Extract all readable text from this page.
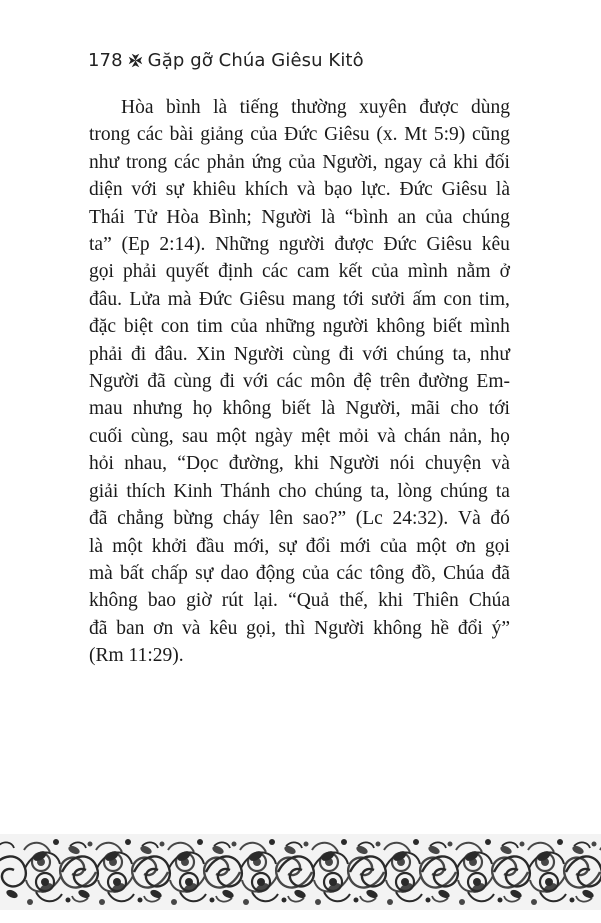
178 Gặp gỡ Chúa Giêsu Kitô
Hòa bình là tiếng thường xuyên được dùng
trong các bài giảng của Đức Giêsu (x. Mt 5:9) cũng
như trong các phản ứng của Người, ngay cả khi đối
diện với sự khiêu khích và bạo lực. Đức Giêsu là
Thái Tử Hòa Bình; Người là “bình an của chúng
ta” (Ep 2:14). Những người được Đức Giêsu kêu
gọi phải quyết định các cam kết của mình nằm ở
đâu. Lửa mà Đức Giêsu mang tới sưởi ấm con tim,
đặc biệt con tim của những người không biết mình
phải đi đâu. Xin Người cùng đi với chúng ta, như
Người đã cùng đi với các môn đệ trên đường Em-
mau nhưng họ không biết là Người, mãi cho tới
cuối cùng, sau một ngày mệt mỏi và chán nản, họ
hỏi nhau, “Dọc đường, khi Người nói chuyện và
giải thích Kinh Thánh cho chúng ta, lòng chúng ta
đã chẳng bừng cháy lên sao?” (Lc 24:32). Và đó
là một khởi đầu mới, sự đổi mới của một ơn gọi
mà bất chấp sự dao động của các tông đồ, Chúa đã
không bao giờ rút lại. “Quả thế, khi Thiên Chúa
đã ban ơn và kêu gọi, thì Người không hề đổi ý”
(Rm 11:29).
